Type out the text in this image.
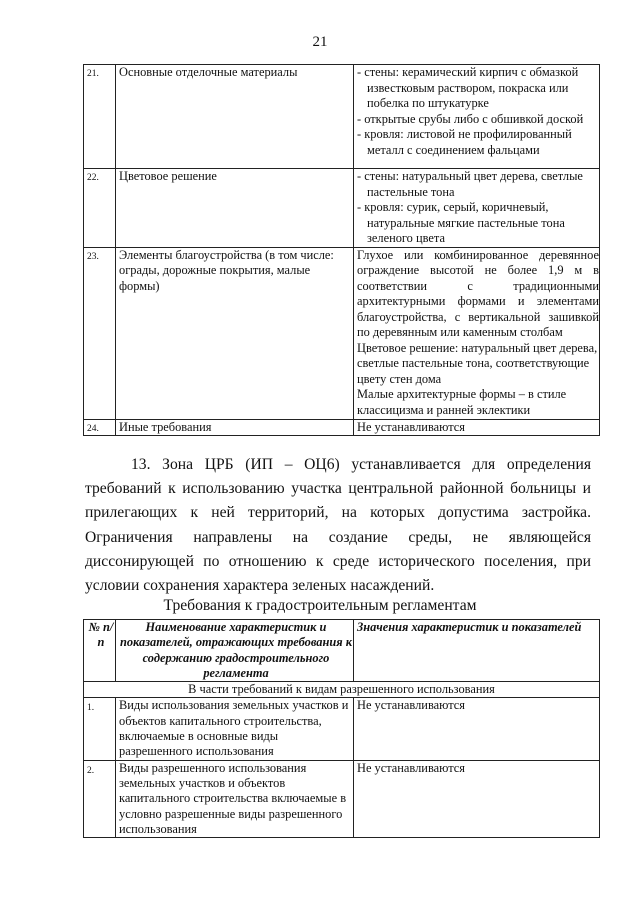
21
21.	Основные отделочные материалы	- стены: керамический кирпич с обмазкой известковым раствором, покраска или побелка по штукатурке
- открытые срубы либо с обшивкой доской
- кровля: листовой не профилированный металл с соединением фальцами

22.	Цветовое решение	- стены: натуральный цвет дерева, светлые пастельные тона
- кровля: сурик, серый, коричневый, натуральные мягкие пастельные тона зеленого цвета

23.	Элементы благоустройства (в том числе: ограды, дорожные покрытия, малые формы)	Глухое или комбинированное деревянное ограждение высотой не более 1,9 м в соответствии с традиционными архитектурными формами и элементами благоустройства, с вертикальной зашивкой по деревянным или каменным столбам
Цветовое решение: натуральный цвет дерева, светлые пастельные тона, соответствующие цвету стен дома
Малые архитектурные формы – в стиле классицизма и ранней эклектики

24.	Иные требования	Не устанавливаются
13. Зона ЦРБ (ИП – ОЦ6) устанавливается для определения требований к использованию участка центральной районной больницы и прилегающих к ней территорий, на которых допустима застройка. Ограничения направлены на создание среды, не являющейся диссонирующей по отношению к среде исторического поселения, при условии сохранения характера зеленых насаждений.
Требования к градостроительным регламентам
№ п/п	Наименование характеристик и показателей, отражающих требования к содержанию градостроительного регламента	Значения характеристик и показателей
В части требований к видам разрешенного использования		
1.	Виды использования земельных участков и объектов капитального строительства, включаемые в основные виды разрешенного использования	Не устанавливаются
2.	Виды разрешенного использования земельных участков и объектов капитального строительства включаемые в условно разрешенные виды разрешенного использования	Не устанавливаются
